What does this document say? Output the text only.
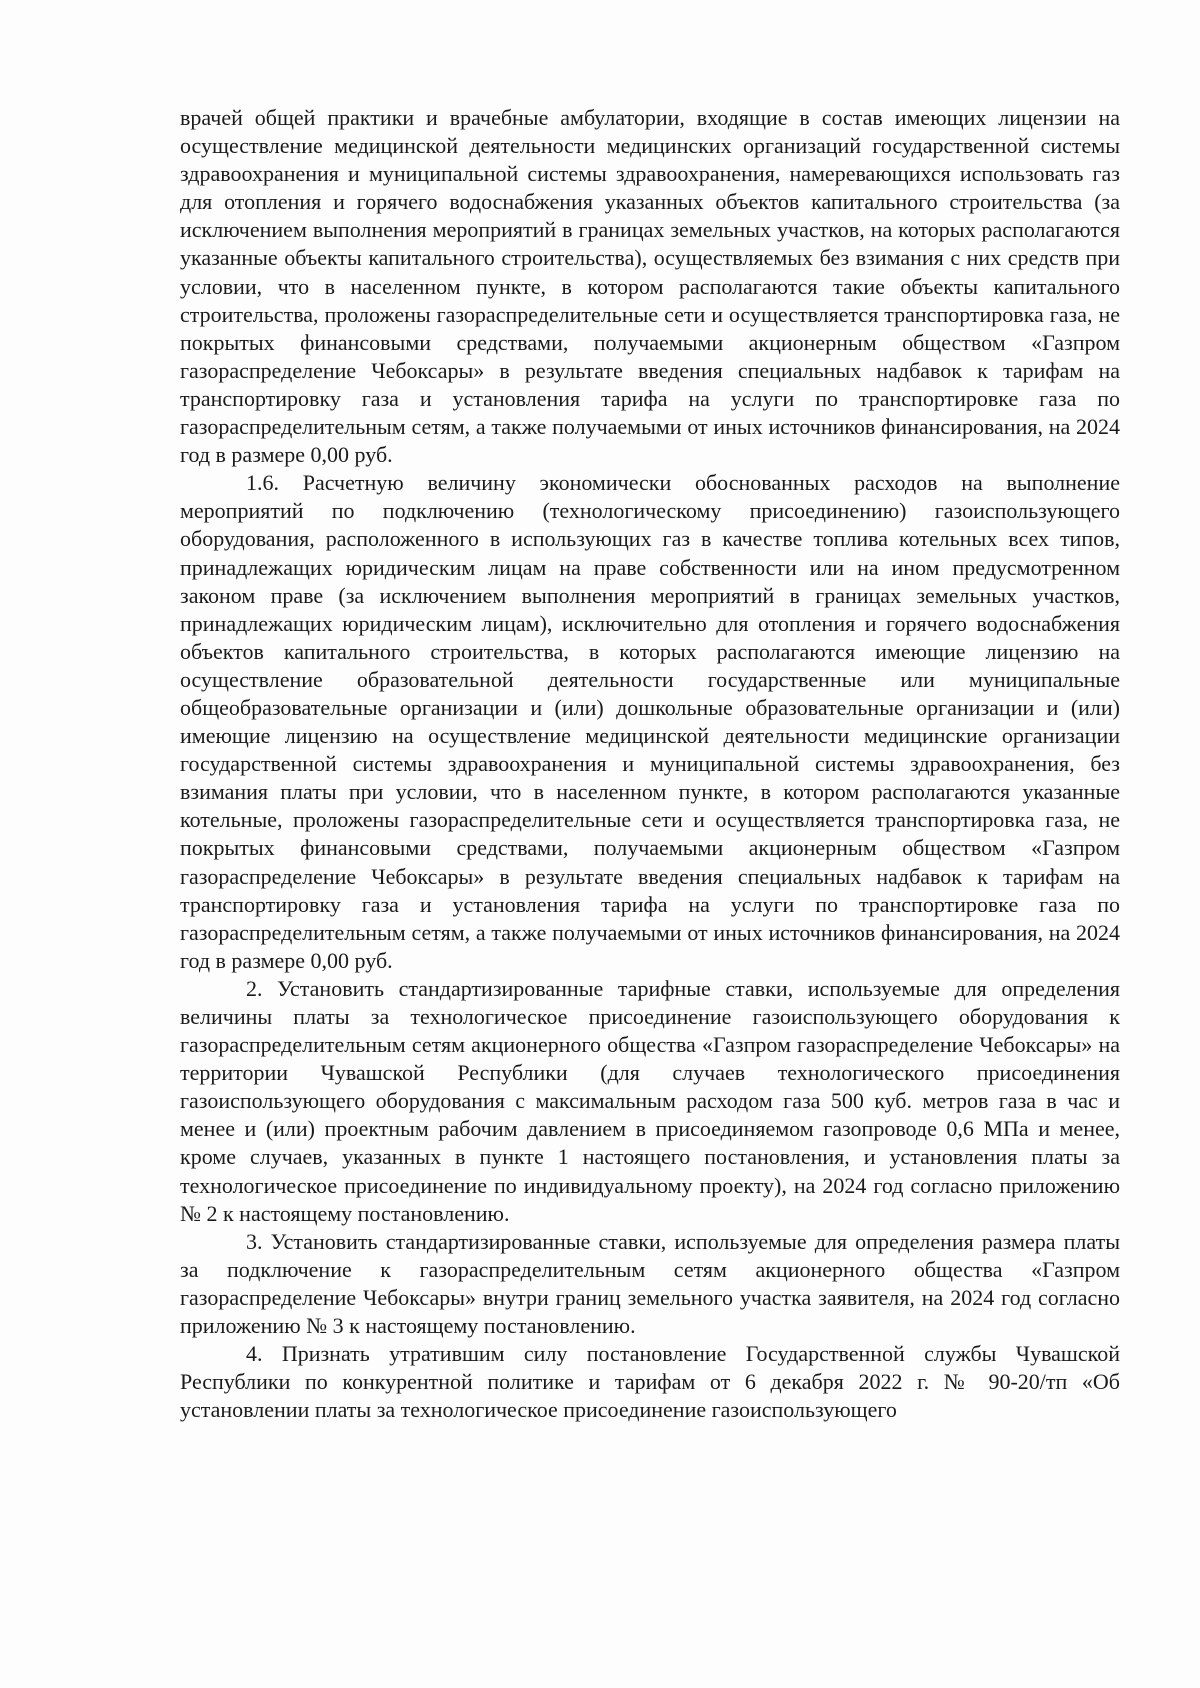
врачей общей практики и врачебные амбулатории, входящие в состав имеющих лицензии на осуществление медицинской деятельности медицинских организаций государственной системы здравоохранения и муниципальной системы здравоохранения, намеревающихся использовать газ для отопления и горячего водоснабжения указанных объектов капитального строительства (за исключением выполнения мероприятий в границах земельных участков, на которых располагаются указанные объекты капитального строительства), осуществляемых без взимания с них средств при условии, что в населенном пункте, в котором располагаются такие объекты капитального строительства, проложены газораспределительные сети и осуществляется транспортировка газа, не покрытых финансовыми средствами, получаемыми акционерным обществом «Газпром газораспределение Чебоксары» в результате введения специальных надбавок к тарифам на транспортировку газа и установления тарифа на услуги по транспортировке газа по газораспределительным сетям, а также получаемыми от иных источников финансирования, на 2024 год в размере 0,00 руб.

1.6. Расчетную величину экономически обоснованных расходов на выполнение мероприятий по подключению (технологическому присоединению) газоиспользующего оборудования, расположенного в использующих газ в качестве топлива котельных всех типов, принадлежащих юридическим лицам на праве собственности или на ином предусмотренном законом праве (за исключением выполнения мероприятий в границах земельных участков, принадлежащих юридическим лицам), исключительно для отопления и горячего водоснабжения объектов капитального строительства, в которых располагаются имеющие лицензию на осуществление образовательной деятельности государственные или муниципальные общеобразовательные организации и (или) дошкольные образовательные организации и (или) имеющие лицензию на осуществление медицинской деятельности медицинские организации государственной системы здравоохранения и муниципальной системы здравоохранения, без взимания платы при условии, что в населенном пункте, в котором располагаются указанные котельные, проложены газораспределительные сети и осуществляется транспортировка газа, не покрытых финансовыми средствами, получаемыми акционерным обществом «Газпром газораспределение Чебоксары» в результате введения специальных надбавок к тарифам на транспортировку газа и установления тарифа на услуги по транспортировке газа по газораспределительным сетям, а также получаемыми от иных источников финансирования, на 2024 год в размере 0,00 руб.

2. Установить стандартизированные тарифные ставки, используемые для определения величины платы за технологическое присоединение газоиспользующего оборудования к газораспределительным сетям акционерного общества «Газпром газораспределение Чебоксары» на территории Чувашской Республики (для случаев технологического присоединения газоиспользующего оборудования с максимальным расходом газа 500 куб. метров газа в час и менее и (или) проектным рабочим давлением в присоединяемом газопроводе 0,6 МПа и менее, кроме случаев, указанных в пункте 1 настоящего постановления, и установления платы за технологическое присоединение по индивидуальному проекту), на 2024 год согласно приложению № 2 к настоящему постановлению.

3. Установить стандартизированные ставки, используемые для определения размера платы за подключение к газораспределительным сетям акционерного общества «Газпром газораспределение Чебоксары» внутри границ земельного участка заявителя, на 2024 год согласно приложению № 3 к настоящему постановлению.

4. Признать утратившим силу постановление Государственной службы Чувашской Республики по конкурентной политике и тарифам от 6 декабря 2022 г. № 90-20/тп «Об установлении платы за технологическое присоединение газоиспользующего
